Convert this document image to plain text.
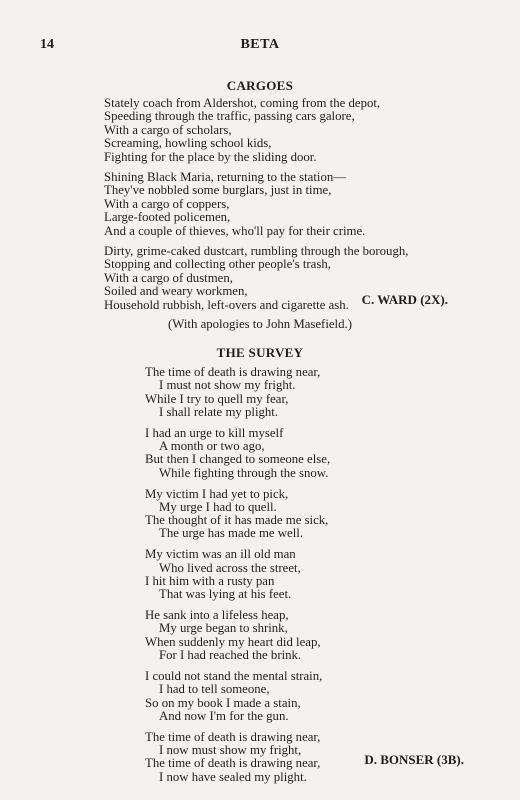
14	BETA
CARGOES
Stately coach from Aldershot, coming from the depot,
Speeding through the traffic, passing cars galore,
With a cargo of scholars,
Screaming, howling school kids,
Fighting for the place by the sliding door.
Shining Black Maria, returning to the station—
They've nobbled some burglars, just in time,
With a cargo of coppers,
Large-footed policemen,
And a couple of thieves, who'll pay for their crime.
Dirty, grime-caked dustcart, rumbling through the borough,
Stopping and collecting other people's trash,
With a cargo of dustmen,
Soiled and weary workmen,
Household rubbish, left-overs and cigarette ash. C. WARD (2X).
(With apologies to John Masefield.)
THE SURVEY
The time of death is drawing near,
I must not show my fright.
While I try to quell my fear,
I shall relate my plight.
I had an urge to kill myself
A month or two ago,
But then I changed to someone else,
While fighting through the snow.
My victim I had yet to pick,
My urge I had to quell.
The thought of it has made me sick,
The urge has made me well.
My victim was an ill old man
Who lived across the street,
I hit him with a rusty pan
That was lying at his feet.
He sank into a lifeless heap,
My urge began to shrink,
When suddenly my heart did leap,
For I had reached the brink.
I could not stand the mental strain,
I had to tell someone,
So on my book I made a stain,
And now I'm for the gun.
The time of death is drawing near,
I now must show my fright,
The time of death is drawing near,
I now have sealed my plight.
D. BONSER (3B).
